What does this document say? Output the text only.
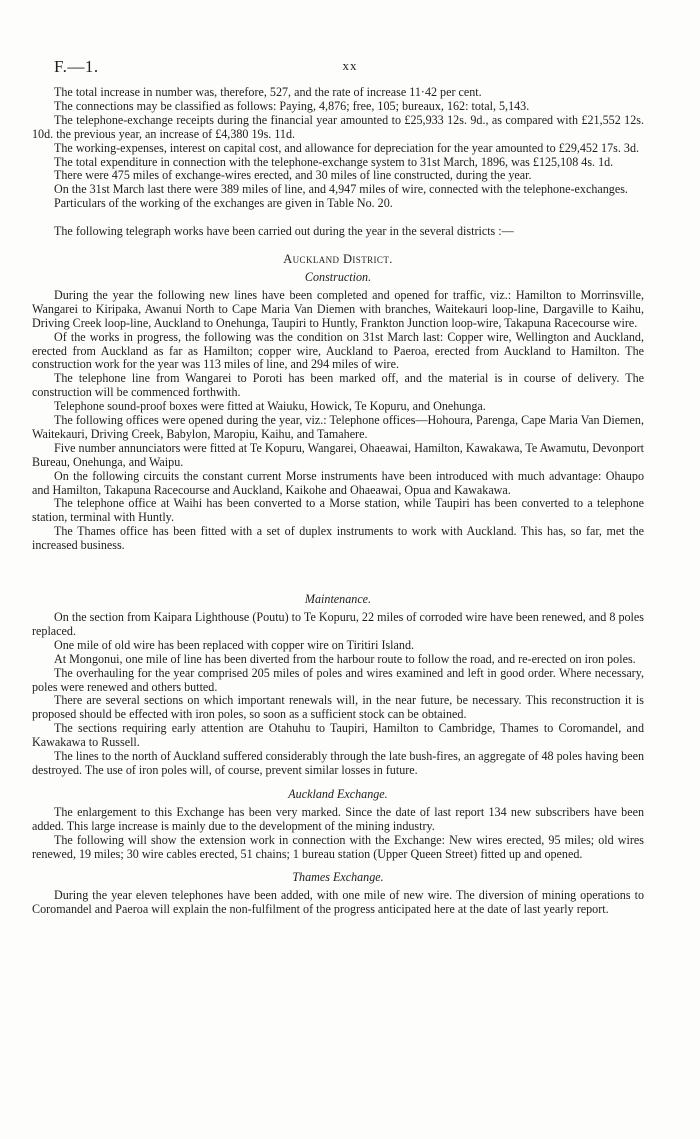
F.—1.	xx

The total increase in number was, therefore, 527, and the rate of increase 11·42 per cent.

The connections may be classified as follows: Paying, 4,876; free, 105; bureaux, 162: total, 5,143.

The telephone-exchange receipts during the financial year amounted to £25,933 12s. 9d., as compared with £21,552 12s. 10d. the previous year, an increase of £4,380 19s. 11d.

The working-expenses, interest on capital cost, and allowance for depreciation for the year amounted to £29,452 17s. 3d.

The total expenditure in connection with the telephone-exchange system to 31st March, 1896, was £125,108 4s. 1d.

There were 475 miles of exchange-wires erected, and 30 miles of line constructed, during the year.

On the 31st March last there were 389 miles of line, and 4,947 miles of wire, connected with the telephone-exchanges.

Particulars of the working of the exchanges are given in Table No. 20.

The following telegraph works have been carried out during the year in the several districts :—

Auckland District.

Construction.

During the year the following new lines have been completed and opened for traffic, viz.: Hamilton to Morrinsville, Wangarei to Kiripaka, Awanui North to Cape Maria Van Diemen with branches, Waitekauri loop-line, Dargaville to Kaihu, Driving Creek loop-line, Auckland to Onehunga, Taupiri to Huntly, Frankton Junction loop-wire, Takapuna Racecourse wire.

Of the works in progress, the following was the condition on 31st March last: Copper wire, Wellington and Auckland, erected from Auckland as far as Hamilton; copper wire, Auckland to Paeroa, erected from Auckland to Hamilton. The construction work for the year was 113 miles of line, and 294 miles of wire.

The telephone line from Wangarei to Poroti has been marked off, and the material is in course of delivery. The construction will be commenced forthwith.

Telephone sound-proof boxes were fitted at Waiuku, Howick, Te Kopuru, and Onehunga.

The following offices were opened during the year, viz.: Telephone offices—Hohoura, Parenga, Cape Maria Van Diemen, Waitekauri, Driving Creek, Babylon, Maropiu, Kaihu, and Tamahere.

Five number annunciators were fitted at Te Kopuru, Wangarei, Ohaeawai, Hamilton, Kawakawa, Te Awamutu, Devonport Bureau, Onehunga, and Waipu.

On the following circuits the constant current Morse instruments have been introduced with much advantage: Ohaupo and Hamilton, Takapuna Racecourse and Auckland, Kaikohe and Ohaeawai, Opua and Kawakawa.

The telephone office at Waihi has been converted to a Morse station, while Taupiri has been converted to a telephone station, terminal with Huntly.

The Thames office has been fitted with a set of duplex instruments to work with Auckland. This has, so far, met the increased business.

Maintenance.

On the section from Kaipara Lighthouse (Poutu) to Te Kopuru, 22 miles of corroded wire have been renewed, and 8 poles replaced.

One mile of old wire has been replaced with copper wire on Tiritiri Island.

At Mongonui, one mile of line has been diverted from the harbour route to follow the road, and re-erected on iron poles.

The overhauling for the year comprised 205 miles of poles and wires examined and left in good order. Where necessary, poles were renewed and others butted.

There are several sections on which important renewals will, in the near future, be necessary. This reconstruction it is proposed should be effected with iron poles, so soon as a sufficient stock can be obtained.

The sections requiring early attention are Otahuhu to Taupiri, Hamilton to Cambridge, Thames to Coromandel, and Kawakawa to Russell.

The lines to the north of Auckland suffered considerably through the late bush-fires, an aggregate of 48 poles having been destroyed. The use of iron poles will, of course, prevent similar losses in future.

Auckland Exchange.

The enlargement to this Exchange has been very marked. Since the date of last report 134 new subscribers have been added. This large increase is mainly due to the development of the mining industry.

The following will show the extension work in connection with the Exchange: New wires erected, 95 miles; old wires renewed, 19 miles; 30 wire cables erected, 51 chains; 1 bureau station (Upper Queen Street) fitted up and opened.

Thames Exchange.

During the year eleven telephones have been added, with one mile of new wire. The diversion of mining operations to Coromandel and Paeroa will explain the non-fulfilment of the progress anticipated here at the date of last yearly report.
